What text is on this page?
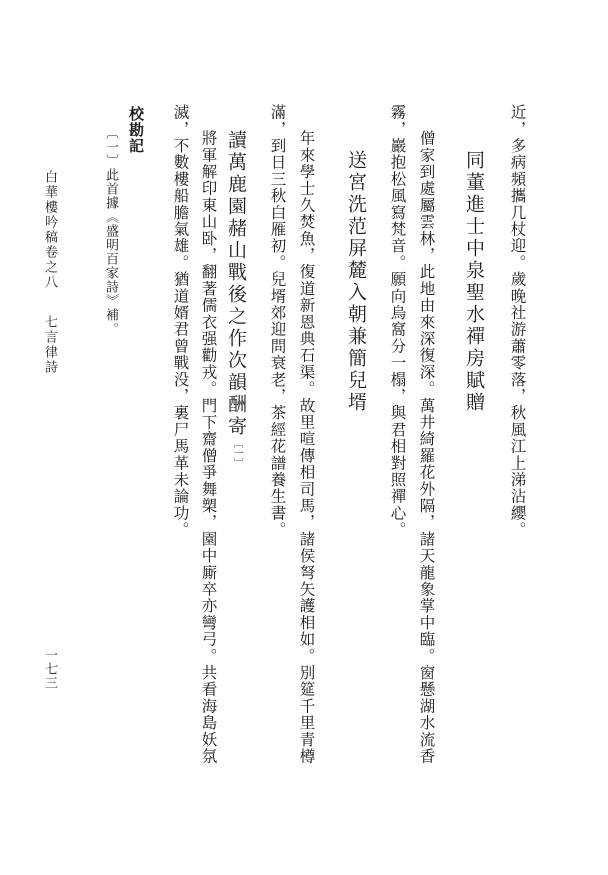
近，多病頻攜几杖迎。歲晚社游蕭零落，秋風江上涕沾纓。
同董進士中泉聖水禪房賦贈
僧家到處屬雲林，此地由來深復深。萬井綺羅花外隔，諸天龍象掌中臨。窗懸湖水流香
霧，巖抱松風寫梵音。願向烏窩分一榻，與君相對照禪心。
送宮洗范屏麓入朝兼簡兒壻
年來學士久焚魚，復道新恩典石渠。故里喧傳相司馬，諸侯弩矢護相如。別筵千里青樽
滿，到日三秋白雁初。兒壻郊迎問衰老，茶經花譜養生書。
讀萬鹿園赭山戰後之作次韻酬寄〔一〕
將軍解印東山卧，翻著儒衣强勸戎。門下齋僧爭舞槊，園中廝卒亦彎弓。共看海島妖氛
滅，不數樓船膽氣雄。猶道婿君曾戰没，裏尸馬革未論功。
校勘記
〔一〕此首據《盛明百家詩》補。
白華樓吟稿卷之八
七言律詩
一七三
